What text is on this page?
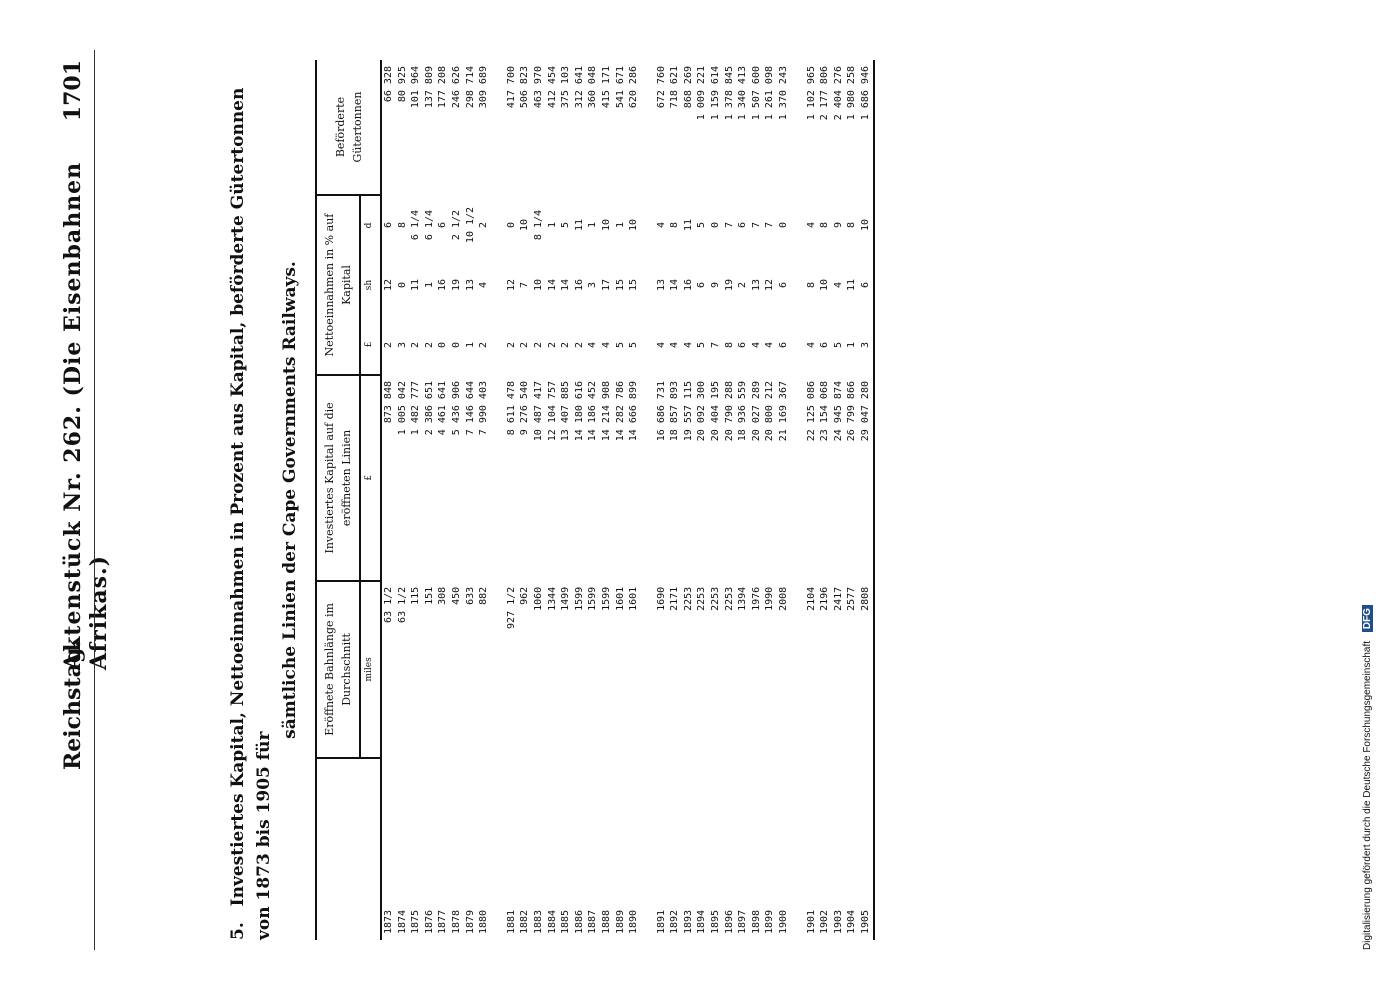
Reichstag.
Aktenstück Nr. 262. (Die Eisenbahnen Afrikas.)
1701
5. Investiertes Kapital, Nettoeinnahmen in Prozent aus Kapital, beförderte Gütertonnen von 1873 bis 1905 für
sämtliche Linien der Cape Governments Railways.
	Eröffnete Bahnlänge im Durchschnitt	Investiertes Kapital auf die eröffneten Linien	Nettoeinnahmen in % auf Kapital			Beförderte Gütertonnen
	miles	£	£	sh	d	
1873	63 1/2	873 848	2	12	6	66 328
1874	63 1/2	1 005 042	3	0	8	80 925
1875	115	1 482 777	2	11	6 1/4	101 964
1876	151	2 386 651	2	1	6 1/4	137 809
1877	308	4 461 641	0	16	6	177 208
1878	450	5 436 906	0	19	2 1/2	246 626
1879	633	7 146 644	1	13	10 1/2	298 714
1880	882	7 990 403	2	4	2	309 689

1881	927 1/2	8 611 478	2	12	0	417 700
1882	962	9 276 540	2	7	10	506 823
1883	1060	10 487 417	2	10	8 1/4	463 970
1884	1344	12 104 757	2	14	1	412 454
1885	1499	13 407 885	2	14	5	375 103
1886	1599	14 180 616	2	16	11	312 641
1887	1599	14 186 452	4	3	1	360 048
1888	1599	14 214 908	4	17	10	415 171
1889	1601	14 282 786	5	15	1	541 671
1890	1601	14 666 899	5	15	10	620 286

1891	1690	16 686 731	4	13	4	672 760
1892	2171	18 857 893	4	14	8	718 621
1893	2253	19 557 115	4	16	11	868 269
1894	2253	20 092 300	5	6	5	1 009 221
1895	2253	20 404 195	7	9	0	1 159 614
1896	2253	20 790 288	8	19	7	1 378 845
1897	1394	18 936 559	6	2	6	1 340 413
1898	1976	20 027 289	4	13	7	1 507 600
1899	1990	20 800 212	4	12	7	1 261 098
1900	2008	21 169 367	6	6	0	1 370 243

1901	2104	22 125 086	4	8	4	1 102 965
1902	2196	23 154 068	6	10	8	2 177 806
1903	2417	24 945 874	5	4	9	2 404 276
1904	2577	26 799 866	1	11	8	1 980 258
1905	2808	29 047 280	3	6	10	1 686 946
Digitalisierung gefördert durch die Deutsche Forschungsgemeinschaft DFG
